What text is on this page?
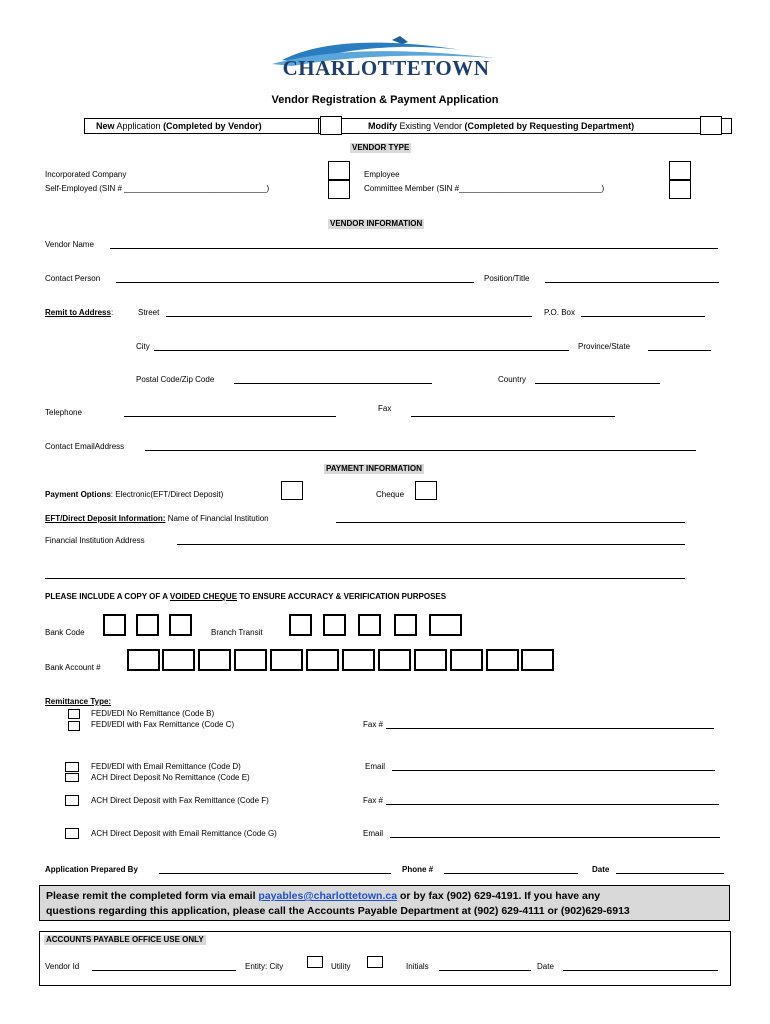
CHARLOTTETOWN
Vendor Registration & Payment Application
New Application (Completed by Vendor)	Modify Existing Vendor (Completed by Requesting Department)
VENDOR TYPE
Incorporated Company
Self-Employed (SIN # ________________________________)
Employee
Committee Member (SIN #________________________________)
VENDOR INFORMATION
Vendor Name
Contact Person	Position/Title
Remit to Address:	Street	P.O. Box
City	Province/State
Postal Code/Zip Code	Country
Telephone	Fax
Contact EmailAddress
PAYMENT INFORMATION
Payment Options: Electronic(EFT/Direct Deposit)	Cheque
EFT/Direct Deposit Information: Name of Financial Institution
Financial Institution Address
PLEASE INCLUDE A COPY OF A VOIDED CHEQUE TO ENSURE ACCURACY & VERIFICATION PURPOSES
Bank Code	Branch Transit
Bank Account #
Remittance Type:
FEDI/EDI No Remittance (Code B)
FEDI/EDI with Fax Remittance (Code C)	Fax #
FEDI/EDI with Email Remittance (Code D)	Email
ACH Direct Deposit No Remittance (Code E)
ACH Direct Deposit with Fax Remittance (Code F)	Fax #
ACH Direct Deposit with Email Remittance (Code G)	Email
Application Prepared By	Phone #	Date
Please remit the completed form via email payables@charlottetown.ca or by fax (902) 629-4191. If you have any
questions regarding this application, please call the Accounts Payable Department at (902) 629-4111 or (902)629-6913
ACCOUNTS PAYABLE OFFICE USE ONLY
Vendor Id	Entity: City	Utility	Initials	Date
